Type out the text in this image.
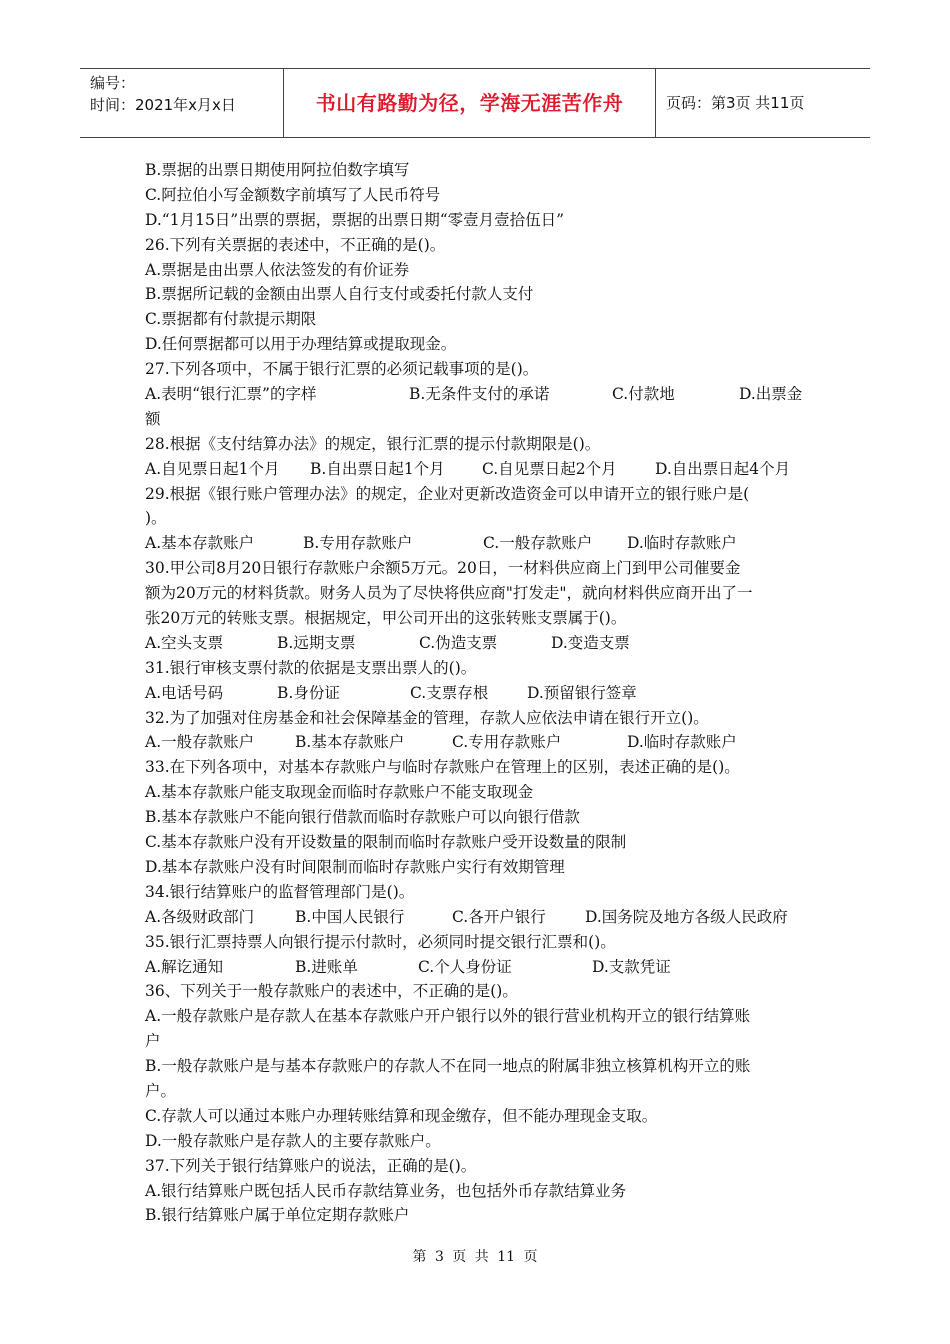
编号：
时间：2021年x月x日	书山有路勤为径，学海无涯苦作舟	页码：第3页 共11页
B.票据的出票日期使用阿拉伯数字填写
C.阿拉伯小写金额数字前填写了人民币符号
D.“1月15日”出票的票据，票据的出票日期“零壹月壹拾伍日”
26.下列有关票据的表述中，不正确的是()。
A.票据是由出票人依法签发的有价证券
B.票据所记载的金额由出票人自行支付或委托付款人支付
C.票据都有付款提示期限
D.任何票据都可以用于办理结算或提取现金。
27.下列各项中，不属于银行汇票的必须记载事项的是()。
A.表明“银行汇票”的字样	B.无条件支付的承诺	C.付款地	D.出票金
额
28.根据《支付结算办法》的规定，银行汇票的提示付款期限是()。
A.自见票日起1个月 B.自出票日起1个月 C.自见票日起2个月 D.自出票日起4个月
29.根据《银行账户管理办法》的规定，企业对更新改造资金可以申请开立的银行账户是(
)。
A.基本存款账户	B.专用存款账户	C.一般存款账户 D.临时存款账户
30.甲公司8月20日银行存款账户余额5万元。20日，一材料供应商上门到甲公司催要金
额为20万元的材料货款。财务人员为了尽快将供应商"打发走"，就向材料供应商开出了一
张20万元的转账支票。根据规定，甲公司开出的这张转账支票属于()。
A.空头支票	B.远期支票	C.伪造支票	D.变造支票
31.银行审核支票付款的依据是支票出票人的()。
A.电话号码	B.身份证	C.支票存根	D.预留银行签章
32.为了加强对住房基金和社会保障基金的管理，存款人应依法申请在银行开立()。
A.一般存款账户	B.基本存款账户	C.专用存款账户	D.临时存款账户
33.在下列各项中，对基本存款账户与临时存款账户在管理上的区别，表述正确的是()。
A.基本存款账户能支取现金而临时存款账户不能支取现金
B.基本存款账户不能向银行借款而临时存款账户可以向银行借款
C.基本存款账户没有开设数量的限制而临时存款账户受开设数量的限制
D.基本存款账户没有时间限制而临时存款账户实行有效期管理
34.银行结算账户的监督管理部门是()。
A.各级财政部门	B.中国人民银行	C.各开户银行	D.国务院及地方各级人民政府
35.银行汇票持票人向银行提示付款时，必须同时提交银行汇票和()。
A.解讫通知	B.进账单	C.个人身份证	D.支款凭证
36、下列关于一般存款账户的表述中，不正确的是()。
A.一般存款账户是存款人在基本存款账户开户银行以外的银行营业机构开立的银行结算账
户
B.一般存款账户是与基本存款账户的存款人不在同一地点的附属非独立核算机构开立的账
户。
C.存款人可以通过本账户办理转账结算和现金缴存，但不能办理现金支取。
D.一般存款账户是存款人的主要存款账户。
37.下列关于银行结算账户的说法，正确的是()。
A.银行结算账户既包括人民币存款结算业务，也包括外币存款结算业务
B.银行结算账户属于单位定期存款账户
第 3 页 共 11 页
